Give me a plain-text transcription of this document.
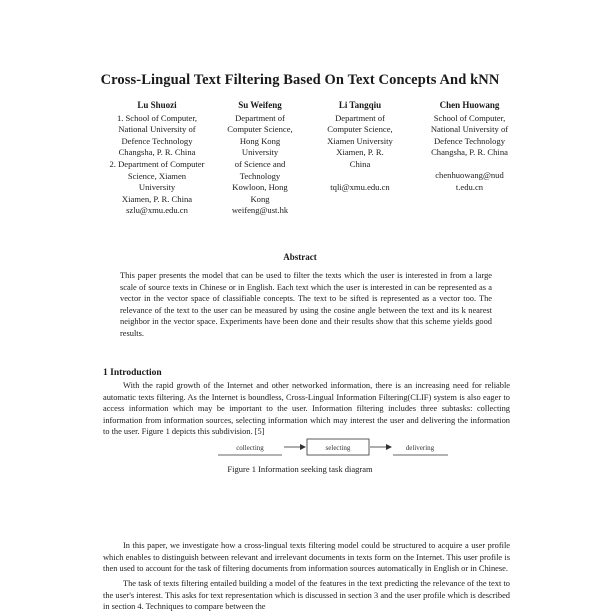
Cross-Lingual Text Filtering Based On Text Concepts And kNN
Lu Shuozi
1. School of Computer,
National University of
Defence Technology
Changsha, P. R. China
2. Department of Computer
Science, Xiamen
University
Xiamen, P. R. China
szlu@xmu.edu.cn
Su Weifeng
Department of
Computer Science,
Hong Kong
University
of Science and
Technology
Kowloon, Hong
Kong
weifeng@ust.hk
Li Tangqiu
Department of
Computer Science,
Xiamen University
Xiamen, P. R.
China
tqli@xmu.edu.cn
Chen Huowang
School of Computer,
National University of
Defence Technology
Changsha, P. R. China
chenhuowang@nud
t.edu.cn
Abstract
This paper presents the model that can be used to filter the texts which the user is interested in from a large scale of source texts in Chinese or in English. Each text which the user is interested in can be represented as a vector in the vector space of classifiable concepts. The text to be sifted is represented as a vector too. The relevance of the text to the user can be measured by using the cosine angle between the text and its k nearest neighbor in the vector space. Experiments have been done and their results show that this scheme yields good results.
1 Introduction
With the rapid growth of the Internet and other networked information, there is an increasing need for reliable automatic texts filtering. As the Internet is boundless, Cross-Lingual Information Filtering(CLIF) system is also eager to access information which may be important to the user. Information filtering includes three subtasks: collecting information from information sources, selecting information which may interest the user and delivering the information to the user. Figure 1 depicts this subdivision. [5]
collecting	selecting	delivering
Figure 1 Information seeking task diagram
In this paper, we investigate how a cross-lingual texts filtering model could be structured to acquire a user profile which enables to distinguish between relevant and irrelevant documents in texts form on the Internet. This user profile is then used to account for the task of filtering documents from information sources automatically in English or in Chinese.
The task of texts filtering entailed building a model of the features in the text predicting the relevance of the text to the user's interest. This asks for text representation which is discussed in section 3 and the user profile which is described in section 4. Techniques to compare between the
